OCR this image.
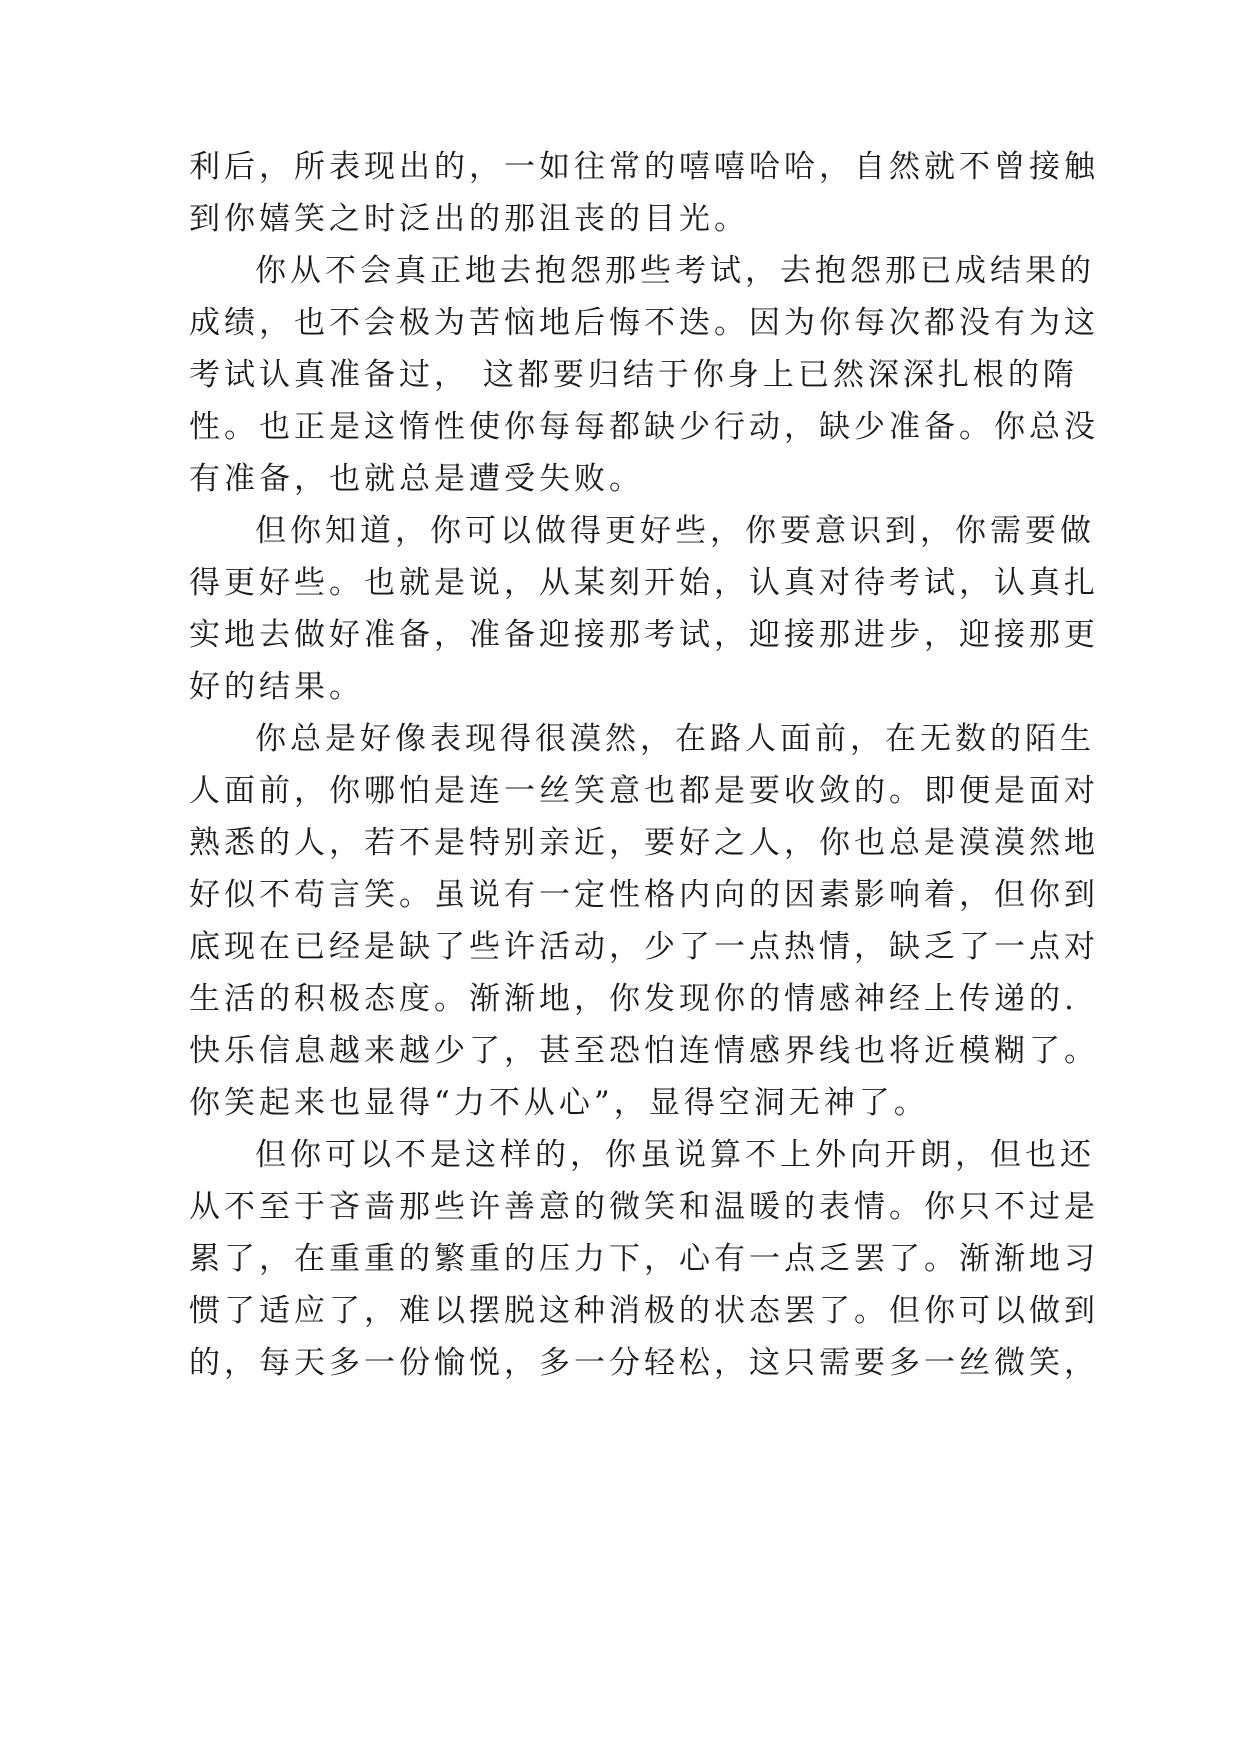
利后，所表现出的，一如往常的嘻嘻哈哈，自然就不曾接触
到你嬉笑之时泛出的那沮丧的目光。
你从不会真正地去抱怨那些考试，去抱怨那已成结果的
成绩，也不会极为苦恼地后悔不迭。因为你每次都没有为这
考试认真准备过， 这都要归结于你身上已然深深扎根的隋
性。也正是这惰性使你每每都缺少行动，缺少准备。你总没
有准备，也就总是遭受失败。
但你知道，你可以做得更好些，你要意识到，你需要做
得更好些。也就是说，从某刻开始，认真对待考试，认真扎
实地去做好准备，准备迎接那考试，迎接那进步，迎接那更
好的结果。
你总是好像表现得很漠然，在路人面前，在无数的陌生
人面前，你哪怕是连一丝笑意也都是要收敛的。即便是面对
熟悉的人，若不是特别亲近，要好之人，你也总是漠漠然地
好似不苟言笑。虽说有一定性格内向的因素影响着，但你到
底现在已经是缺了些许活动，少了一点热情，缺乏了一点对
生活的积极态度。渐渐地，你发现你的情感神经上传递的.
快乐信息越来越少了，甚至恐怕连情感界线也将近模糊了。
你笑起来也显得“力不从心”，显得空洞无神了。
但你可以不是这样的，你虽说算不上外向开朗，但也还
从不至于吝啬那些许善意的微笑和温暖的表情。你只不过是
累了，在重重的繁重的压力下，心有一点乏罢了。渐渐地习
惯了适应了，难以摆脱这种消极的状态罢了。但你可以做到
的，每天多一份愉悦，多一分轻松，这只需要多一丝微笑，
